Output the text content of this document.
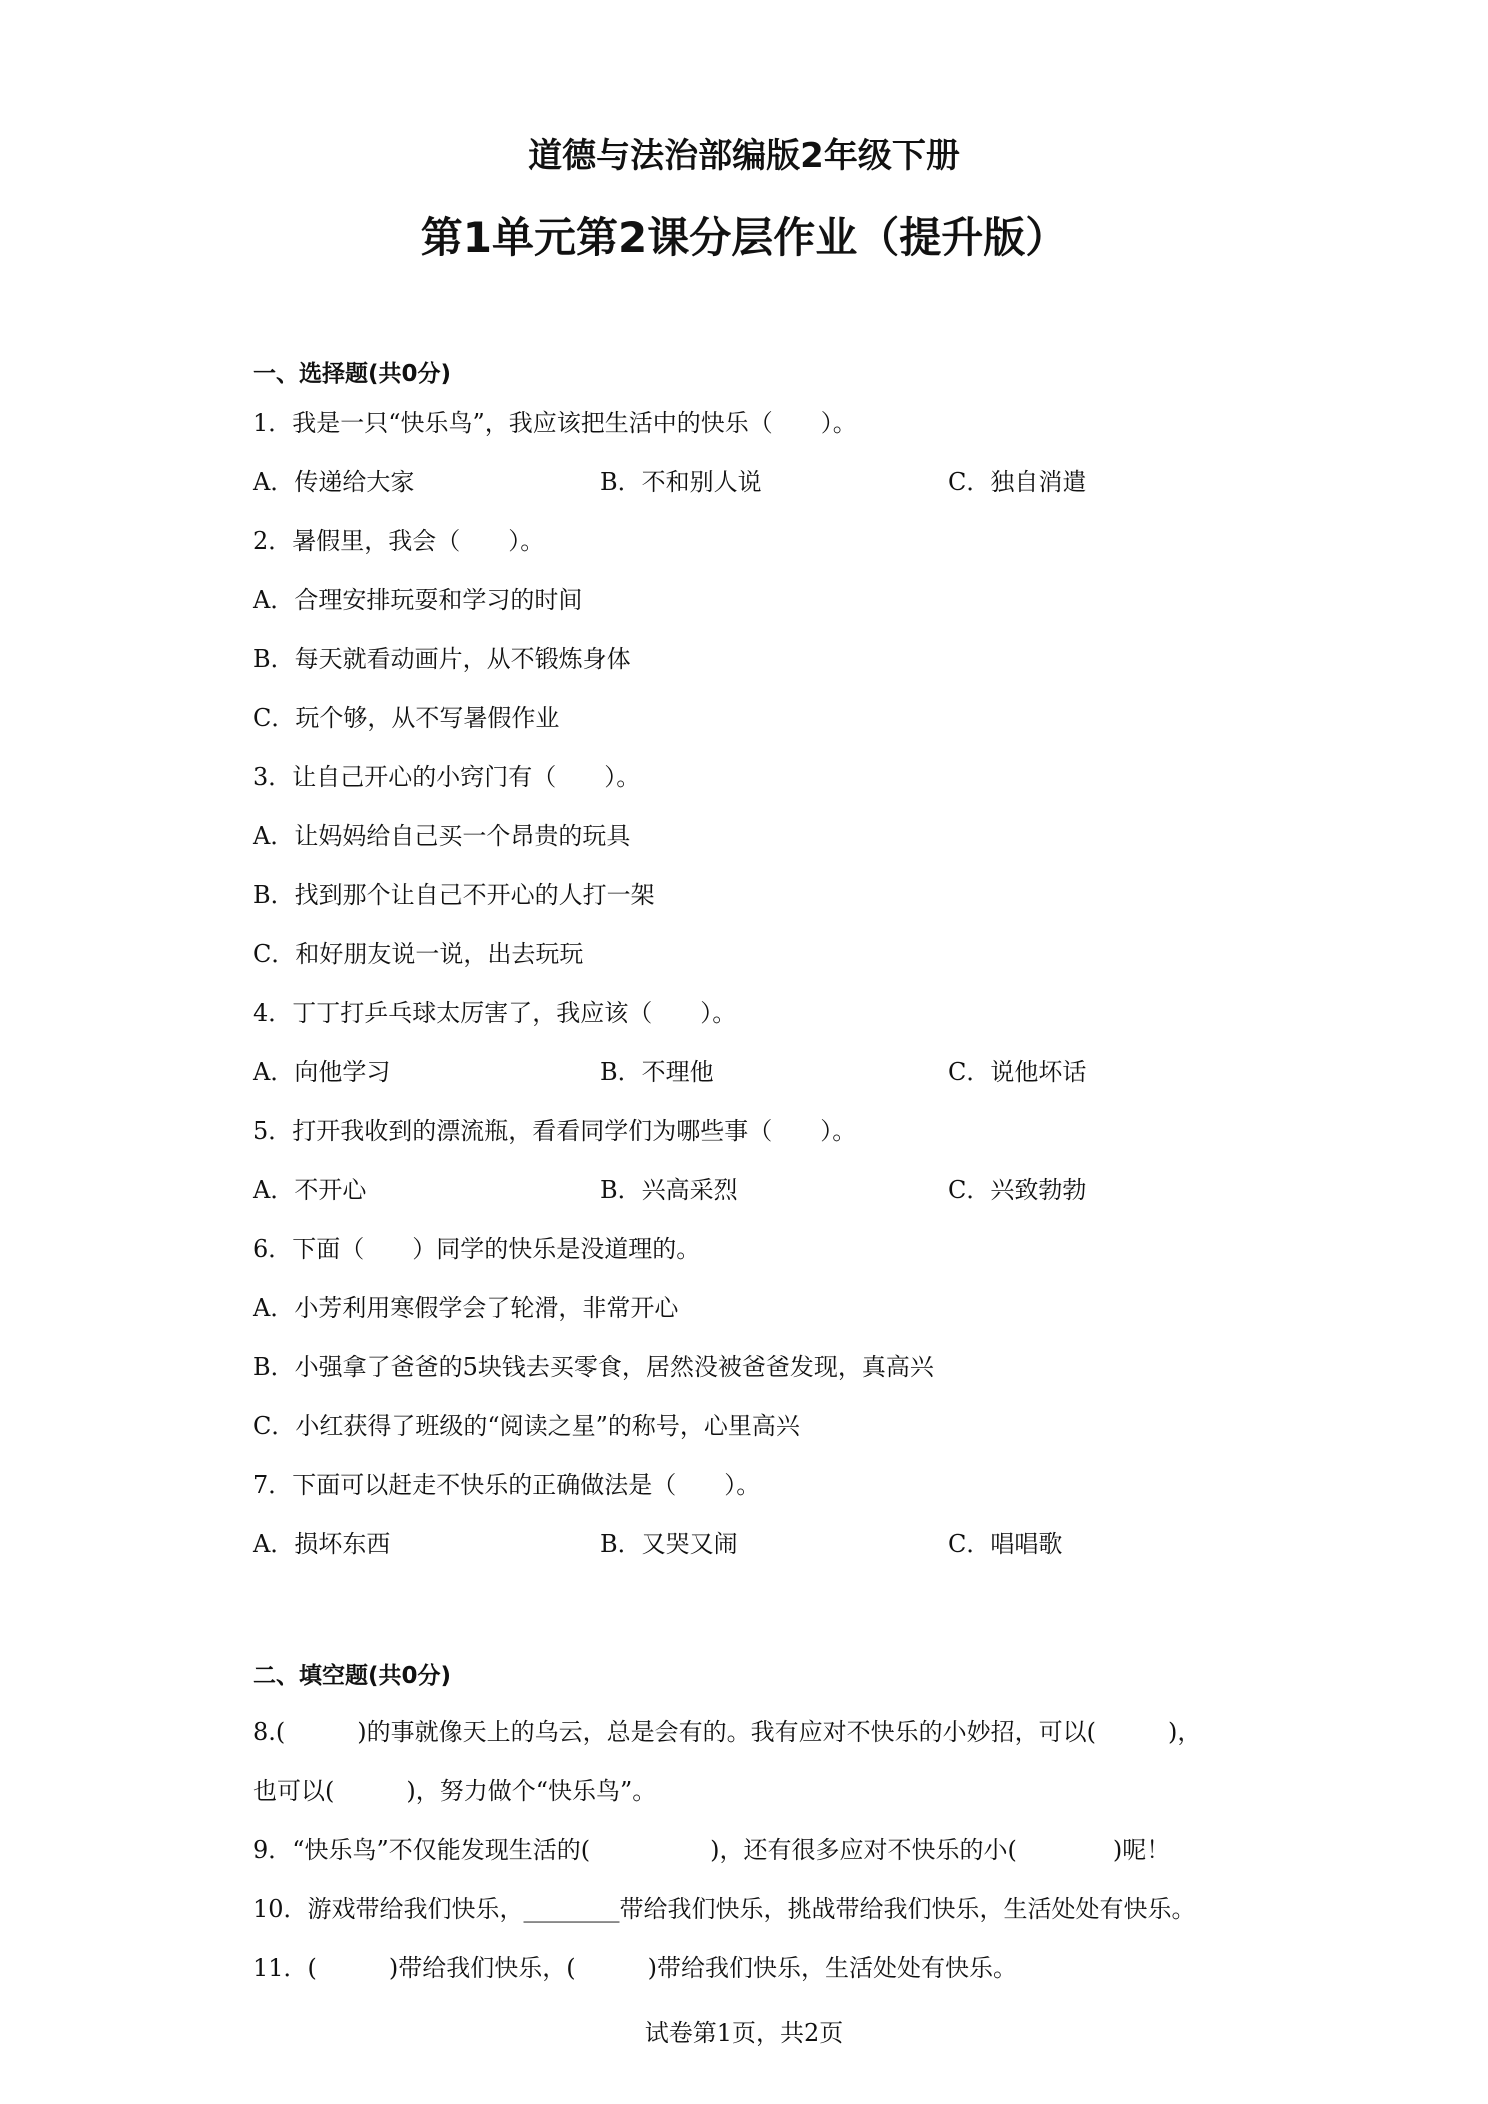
道德与法治部编版2年级下册
第1单元第2课分层作业（提升版）
一、选择题(共0分)
1．我是一只“快乐鸟”，我应该把生活中的快乐（　　）。
A．传递给大家	B．不和别人说	C．独自消遣
2．暑假里，我会（　　）。
A．合理安排玩耍和学习的时间
B．每天就看动画片，从不锻炼身体
C．玩个够，从不写暑假作业
3．让自己开心的小窍门有（　　）。
A．让妈妈给自己买一个昂贵的玩具
B．找到那个让自己不开心的人打一架
C．和好朋友说一说，出去玩玩
4．丁丁打乒乓球太厉害了，我应该（　　）。
A．向他学习	B．不理他	C．说他坏话
5．打开我收到的漂流瓶，看看同学们为哪些事（　　）。
A．不开心	B．兴高采烈	C．兴致勃勃
6．下面（　　）同学的快乐是没道理的。
A．小芳利用寒假学会了轮滑，非常开心
B．小强拿了爸爸的5块钱去买零食，居然没被爸爸发现，真高兴
C．小红获得了班级的“阅读之星”的称号，心里高兴
7．下面可以赶走不快乐的正确做法是（　　）。
A．损坏东西	B．又哭又闹	C．唱唱歌
二、填空题(共0分)
8.(　　　)的事就像天上的乌云，总是会有的。我有应对不快乐的小妙招，可以(　　　)，
也可以(　　　)，努力做个“快乐鸟”。
9．“快乐鸟”不仅能发现生活的(　　　　　)，还有很多应对不快乐的小(　　　　)呢！
10．游戏带给我们快乐，________带给我们快乐，挑战带给我们快乐，生活处处有快乐。
11．(　　　)带给我们快乐，(　　　)带给我们快乐，生活处处有快乐。
试卷第1页，共2页
